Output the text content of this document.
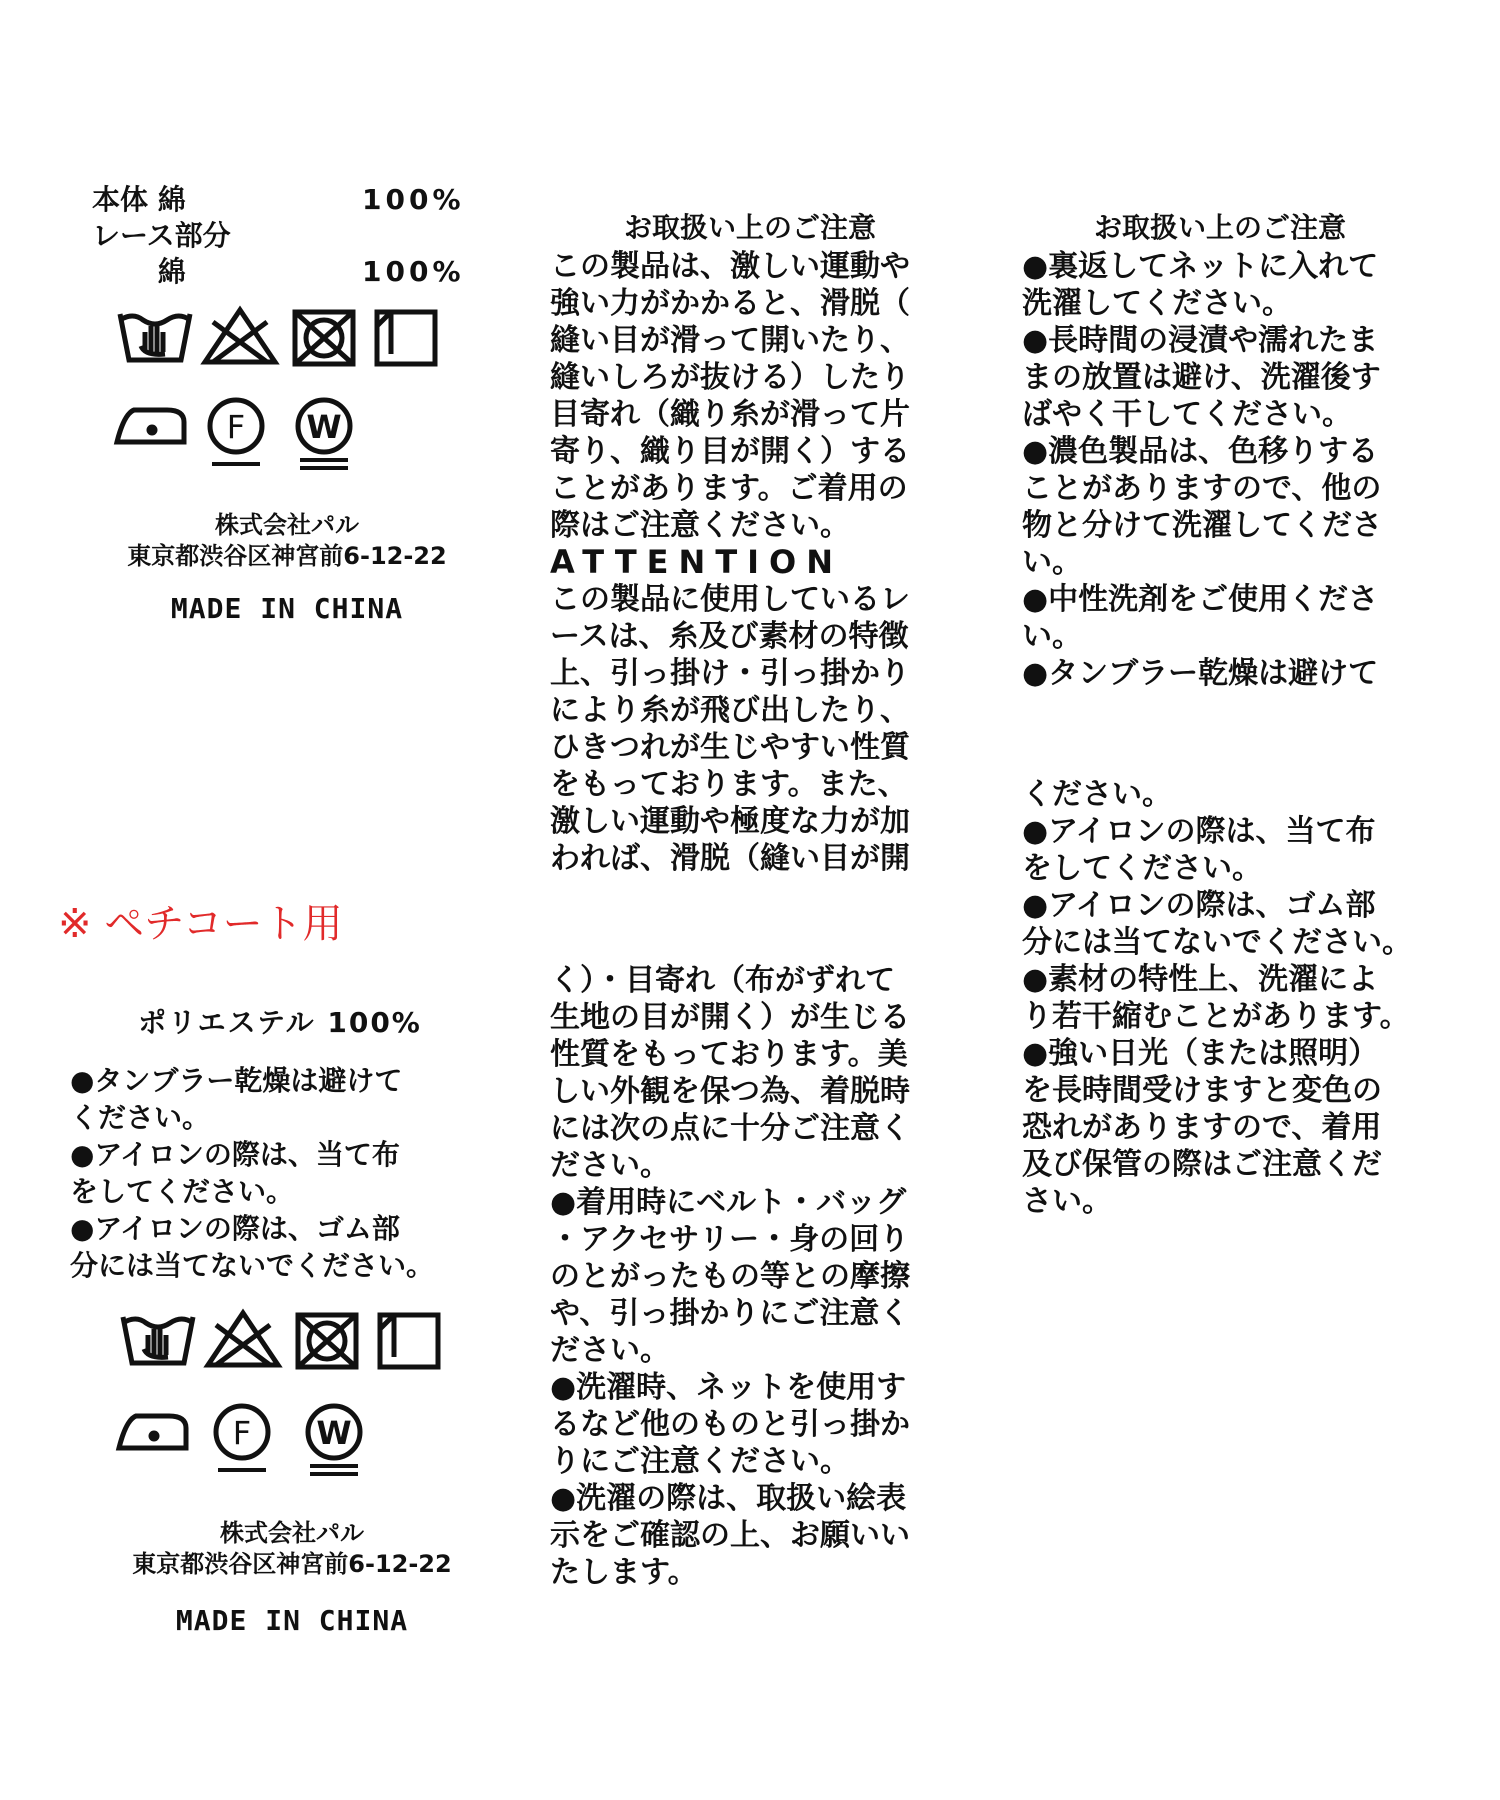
本体 綿	100%
レース部分
　　 綿	100%
F W
株式会社パル
東京都渋谷区神宮前6-12-22
MADE IN CHINA
※ ペチコート用
ポリエステル 100%
●タンブラー乾燥は避けて
ください。
●アイロンの際は、当て布
をしてください。
●アイロンの際は、ゴム部
分には当てないでください。
F W
株式会社パル
東京都渋谷区神宮前6-12-22
MADE IN CHINA
お取扱い上のご注意
この製品は、激しい運動や
強い力がかかると、滑脱（
縫い目が滑って開いたり、
縫いしろが抜ける）したり
目寄れ（織り糸が滑って片
寄り、織り目が開く）する
ことがあります。ご着用の
際はご注意ください。
ATTENTION
この製品に使用しているレ
ースは、糸及び素材の特徴
上、引っ掛け・引っ掛かり
により糸が飛び出したり、
ひきつれが生じやすい性質
をもっております。また、
激しい運動や極度な力が加
われば、滑脱（縫い目が開
く）・目寄れ（布がずれて
生地の目が開く）が生じる
性質をもっております。美
しい外観を保つ為、着脱時
には次の点に十分ご注意く
ださい。
●着用時にベルト・バッグ
・アクセサリー・身の回り
のとがったもの等との摩擦
や、引っ掛かりにご注意く
ださい。
●洗濯時、ネットを使用す
るなど他のものと引っ掛か
りにご注意ください。
●洗濯の際は、取扱い絵表
示をご確認の上、お願いい
たします。
お取扱い上のご注意
●裏返してネットに入れて
洗濯してください。
●長時間の浸漬や濡れたま
まの放置は避け、洗濯後す
ばやく干してください。
●濃色製品は、色移りする
ことがありますので、他の
物と分けて洗濯してくださ
い。
●中性洗剤をご使用くださ
い。
●タンブラー乾燥は避けて
ください。
●アイロンの際は、当て布
をしてください。
●アイロンの際は、ゴム部
分には当てないでください。
●素材の特性上、洗濯によ
り若干縮むことがあります。
●強い日光（または照明）
を長時間受けますと変色の
恐れがありますので、着用
及び保管の際はご注意くだ
さい。
